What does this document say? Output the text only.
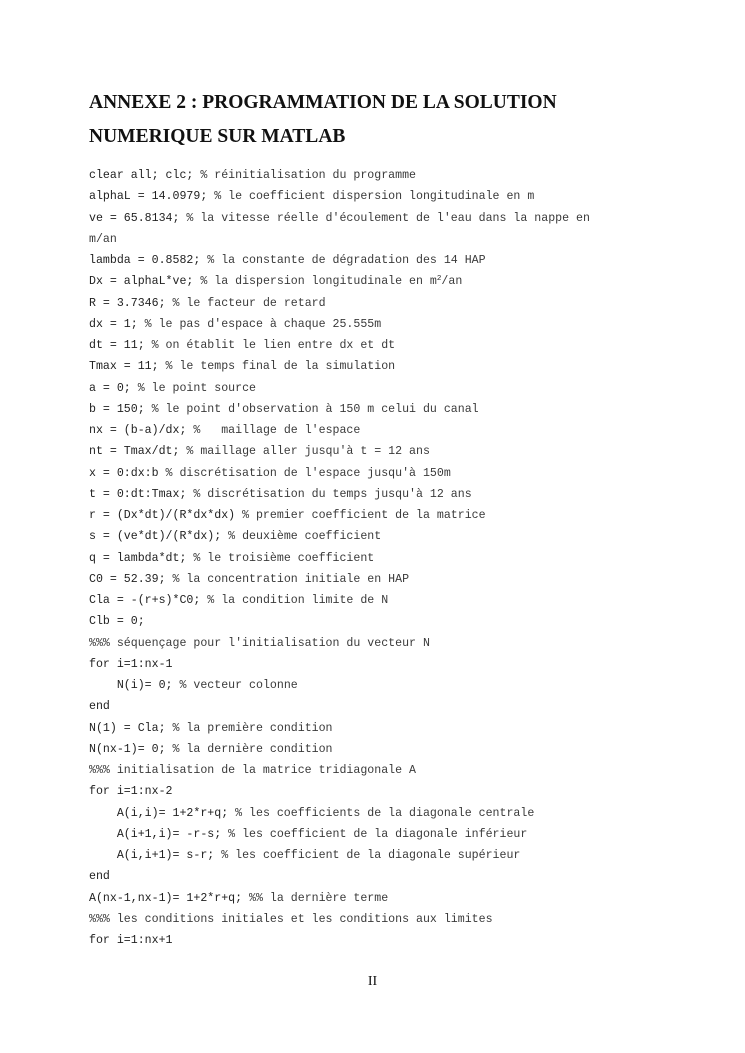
ANNEXE 2 : PROGRAMMATION DE LA SOLUTION
NUMERIQUE SUR MATLAB
clear all; clc; % réinitialisation du programme
alphaL = 14.0979; % le coefficient dispersion longitudinale en m
ve = 65.8134; % la vitesse réelle d'écoulement de l'eau dans la nappe en
m/an
lambda = 0.8582; % la constante de dégradation des 14 HAP
Dx = alphaL*ve; % la dispersion longitudinale en $m^2/an$
R = 3.7346; % le facteur de retard
dx = 1; % le pas d'espace à chaque 25.555m
dt = 11; % on établit le lien entre dx et dt
Tmax = 11; % le temps final de la simulation
a = 0; % le point source
b = 150; % le point d'observation à 150 m celui du canal
nx = (b-a)/dx; %   maillage de l'espace
nt = Tmax/dt; % maillage aller jusqu'à t = 12 ans
x = 0:dx:b % discrétisation de l'espace jusqu'à 150m
t = 0:dt:Tmax; % discrétisation du temps jusqu'à 12 ans
r = (Dx*dt)/(R*dx*dx) % premier coefficient de la matrice
s = (ve*dt)/(R*dx); % deuxième coefficient
q = lambda*dt; % le troisième coefficient
C0 = 52.39; % la concentration initiale en HAP
Cla = -(r+s)*C0; % la condition limite de N
Clb = 0;
%%% séquençage pour l'initialisation du vecteur N
for i=1:nx-1
N(i)= 0; % vecteur colonne
end
N(1) = Cla; % la première condition
N(nx-1)= 0; % la dernière condition
%%% initialisation de la matrice tridiagonale A
for i=1:nx-2
A(i,i)= 1+2*r+q; % les coefficients de la diagonale centrale
A(i+1,i)= -r-s; % les coefficient de la diagonale inférieur
A(i,i+1)= s-r; % les coefficient de la diagonale supérieur
end
A(nx-1,nx-1)= 1+2*r+q; %% la dernière terme
%%% les conditions initiales et les conditions aux limites
for i=1:nx+1
II
